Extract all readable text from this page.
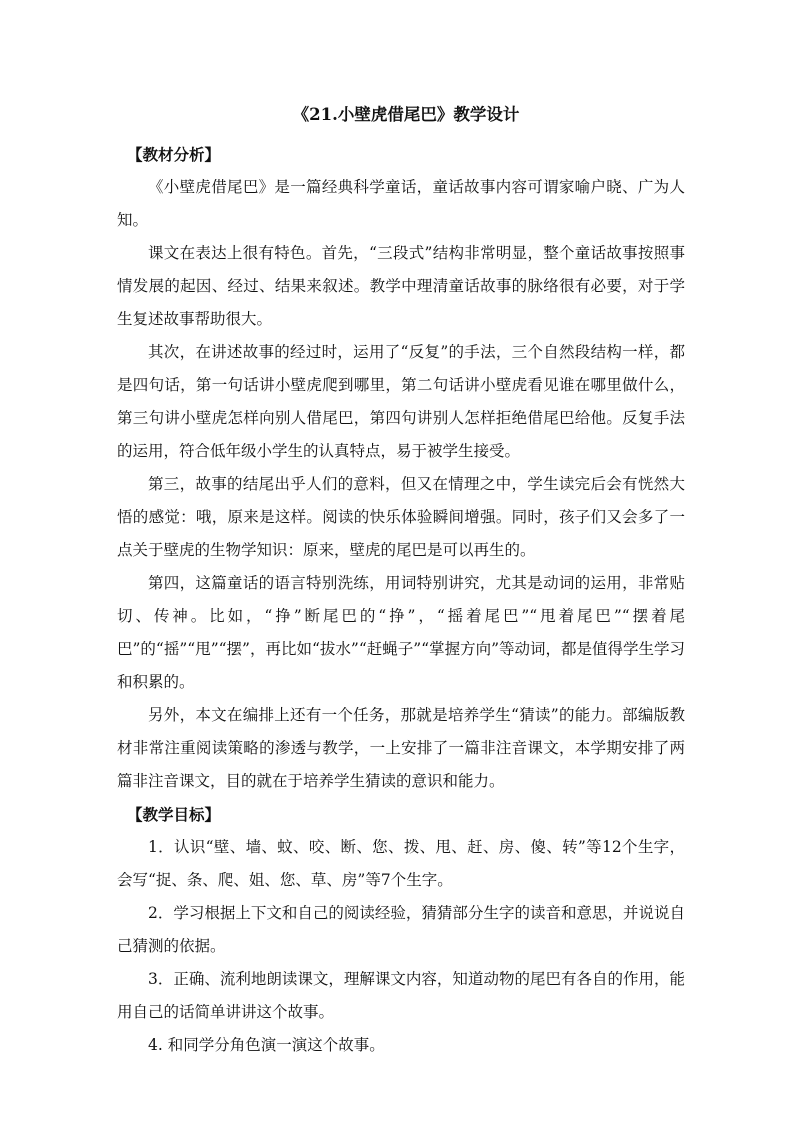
《21.小壁虎借尾巴》教学设计
【教材分析】

《小壁虎借尾巴》是一篇经典科学童话，童话故事内容可谓家喻户晓、广为人知。

课文在表达上很有特色。首先，“三段式”结构非常明显，整个童话故事按照事情发展的起因、经过、结果来叙述。教学中理清童话故事的脉络很有必要，对于学生复述故事帮助很大。

其次，在讲述故事的经过时，运用了“反复”的手法，三个自然段结构一样，都是四句话，第一句话讲小壁虎爬到哪里，第二句话讲小壁虎看见谁在哪里做什么，第三句讲小壁虎怎样向别人借尾巴，第四句讲别人怎样拒绝借尾巴给他。反复手法的运用，符合低年级小学生的认真特点，易于被学生接受。

第三，故事的结尾出乎人们的意料，但又在情理之中，学生读完后会有恍然大悟的感觉：哦，原来是这样。阅读的快乐体验瞬间增强。同时，孩子们又会多了一点关于壁虎的生物学知识：原来，壁虎的尾巴是可以再生的。

第四，这篇童话的语言特别洗练，用词特别讲究，尤其是动词的运用，非常贴切、传神。比如，“挣”断尾巴的“挣”，“摇着尾巴”“甩着尾巴”“摆着尾巴”的“摇”“甩”“摆”，再比如“拔水”“赶蝇子”“掌握方向”等动词，都是值得学生学习和积累的。

另外，本文在编排上还有一个任务，那就是培养学生“猜读”的能力。部编版教材非常注重阅读策略的渗透与教学，一上安排了一篇非注音课文，本学期安排了两篇非注音课文，目的就在于培养学生猜读的意识和能力。

【教学目标】

1．认识“壁、墙、蚊、咬、断、您、拨、甩、赶、房、傻、转”等12个生字，会写“捉、条、爬、姐、您、草、房”等7个生字。

2．学习根据上下文和自己的阅读经验，猜猜部分生字的读音和意思，并说说自己猜测的依据。

3．正确、流利地朗读课文，理解课文内容，知道动物的尾巴有各自的作用，能用自己的话简单讲讲这个故事。

4. 和同学分角色演一演这个故事。
